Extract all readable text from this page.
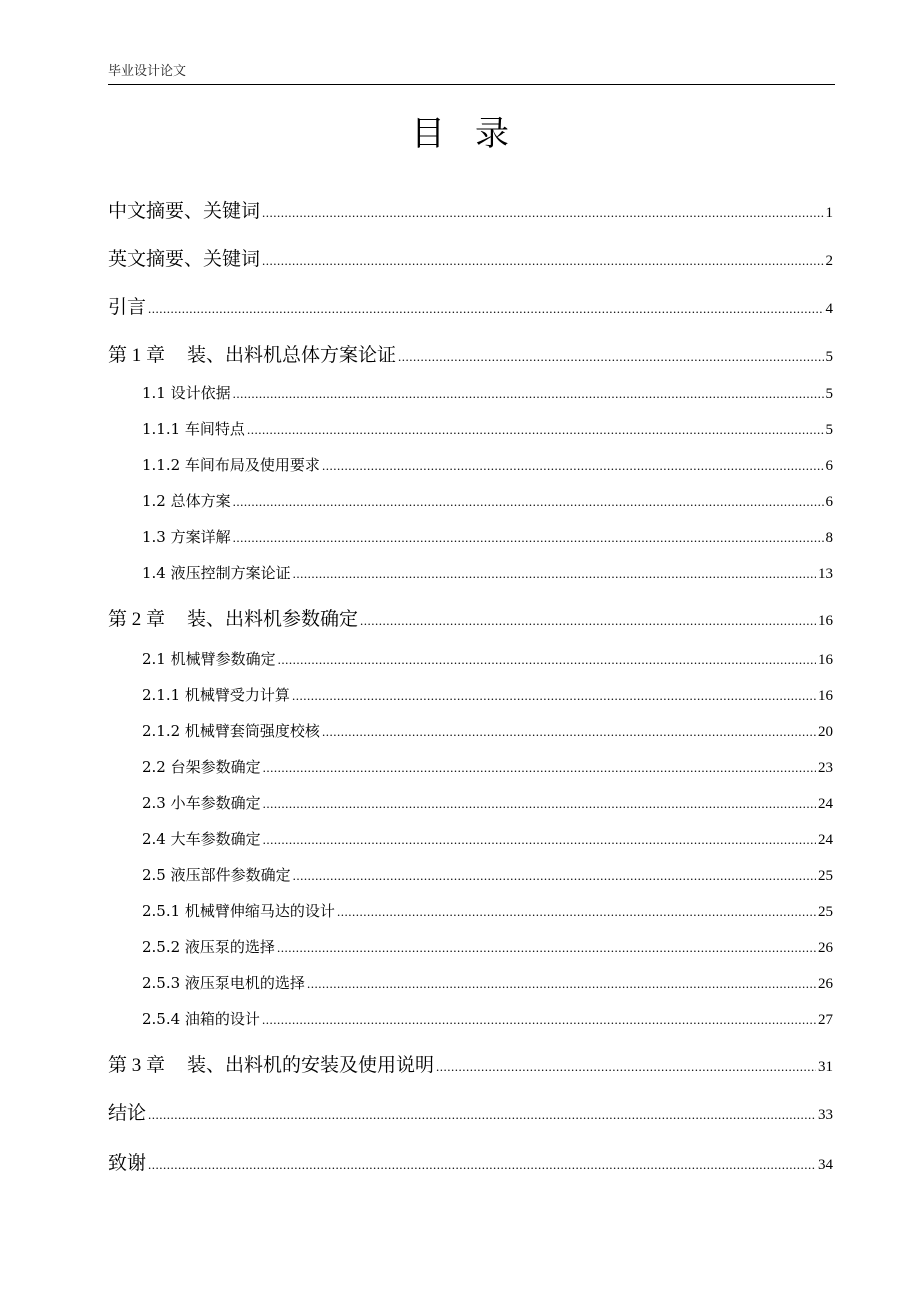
毕业设计论文
目录
中文摘要、关键词 .....	1
英文摘要、关键词 .....	2
引言 .....	4
第 1 章 装、出料机总体方案论证 .....	5
1.1 设计依据 .....	5
1.1.1 车间特点 .....	5
1.1.2 车间布局及使用要求 .....	6
1.2 总体方案 .....	6
1.3 方案详解 .....	8
1.4 液压控制方案论证 .....	13
第 2 章 装、出料机参数确定 .....	16
2.1 机械臂参数确定 .....	16
2.1.1 机械臂受力计算 .....	16
2.1.2 机械臂套筒强度校核 .....	20
2.2 台架参数确定 .....	23
2.3 小车参数确定 .....	24
2.4 大车参数确定 .....	24
2.5 液压部件参数确定 .....	25
2.5.1 机械臂伸缩马达的设计 .....	25
2.5.2 液压泵的选择 .....	26
2.5.3 液压泵电机的选择 .....	26
2.5.4 油箱的设计 .....	27
第 3 章 装、出料机的安装及使用说明 .....	31
结论 .....	33
致谢 .....	34
